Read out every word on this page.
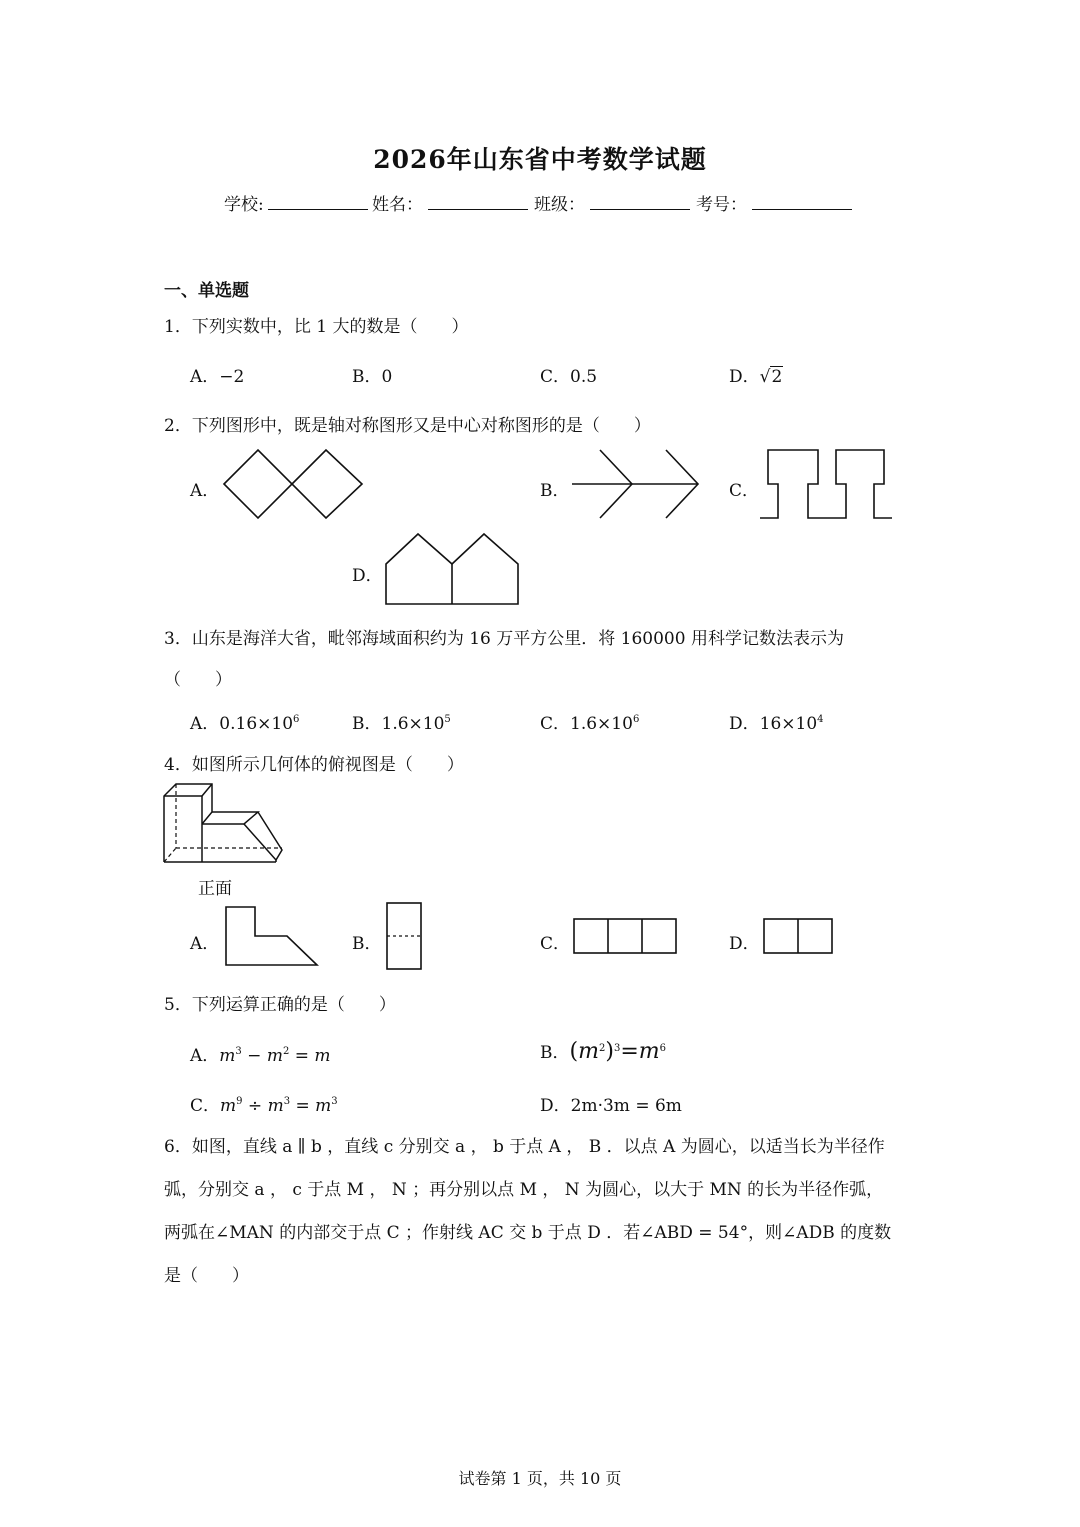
2026年山东省中考数学试题
学校:	姓名：	班级：	考号：
一、单选题
1．下列实数中，比 1 大的数是（　　）
A．−2	B．0	C．0.5	D．√2
2．下列图形中，既是轴对称图形又是中心对称图形的是（　　）
A．	B．	C．
D．
3．山东是海洋大省，毗邻海域面积约为 16 万平方公里．将 160000 用科学记数法表示为
（　　）
A．$0.16\times 10^6$	B．$1.6\times 10^5$	C．$1.6\times 10^6$	D．$16\times 10^4$
4．如图所示几何体的俯视图是（　　）
正面
A．	B．	C．	D．
5．下列运算正确的是（　　）
A．$m^3 - m^2 = m$	B．$(m^2)^3=m^6$
C．$m^9 \div m^3 = m^3$	D．2m·3m = 6m
6．如图，直线 a ∥ b ，直线 c 分别交 a ， b 于点 A ， B ．以点 A 为圆心，以适当长为半径作
弧，分别交 a ， c 于点 M ， N ；再分别以点 M ， N 为圆心，以大于 MN 的长为半径作弧，
两弧在∠MAN 的内部交于点 C ；作射线 AC 交 b 于点 D ．若∠ABD = 54°，则∠ADB 的度数
是（　　）
试卷第 1 页，共 10 页
